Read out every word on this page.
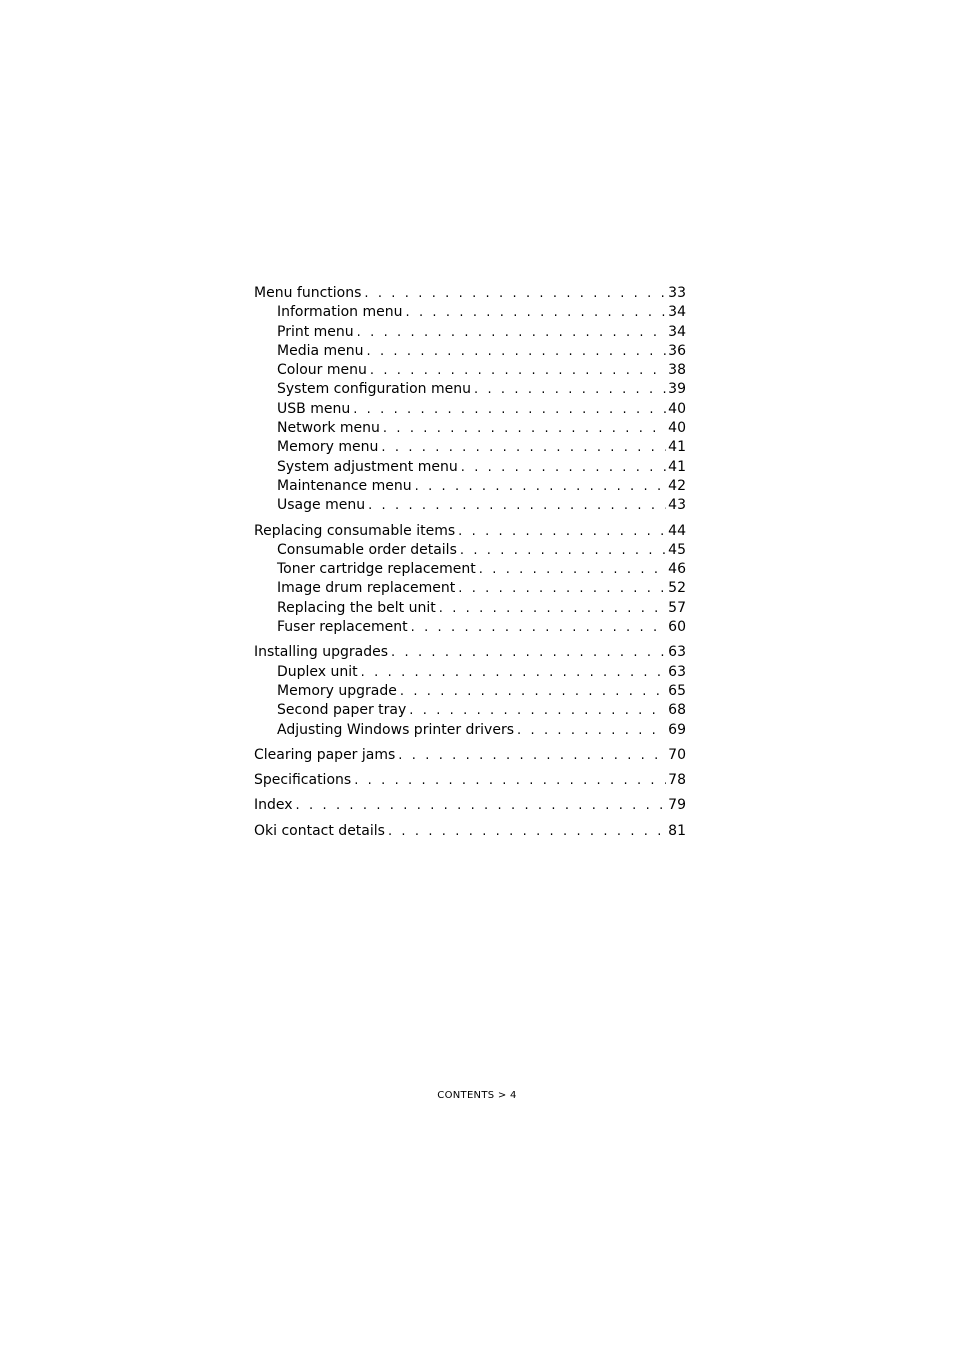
Menu functions . . .	33
Information menu . . .	34
Print menu . . .	34
Media menu . . .	36
Colour menu . . .	38
System configuration menu . . .	39
USB menu . . .	40
Network menu . . .	40
Memory menu . . .	41
System adjustment menu . . .	41
Maintenance menu . . .	42
Usage menu . . .	43
Replacing consumable items . . .	44
Consumable order details . . .	45
Toner cartridge replacement . . .	46
Image drum replacement . . .	52
Replacing the belt unit . . .	57
Fuser replacement . . .	60
Installing upgrades . . .	63
Duplex unit . . .	63
Memory upgrade . . .	65
Second paper tray . . .	68
Adjusting Windows printer drivers . . .	69
Clearing paper jams . . .	70
Specifications . . .	78
Index . . .	79
Oki contact details . . .	81
CONTENTS > 4
